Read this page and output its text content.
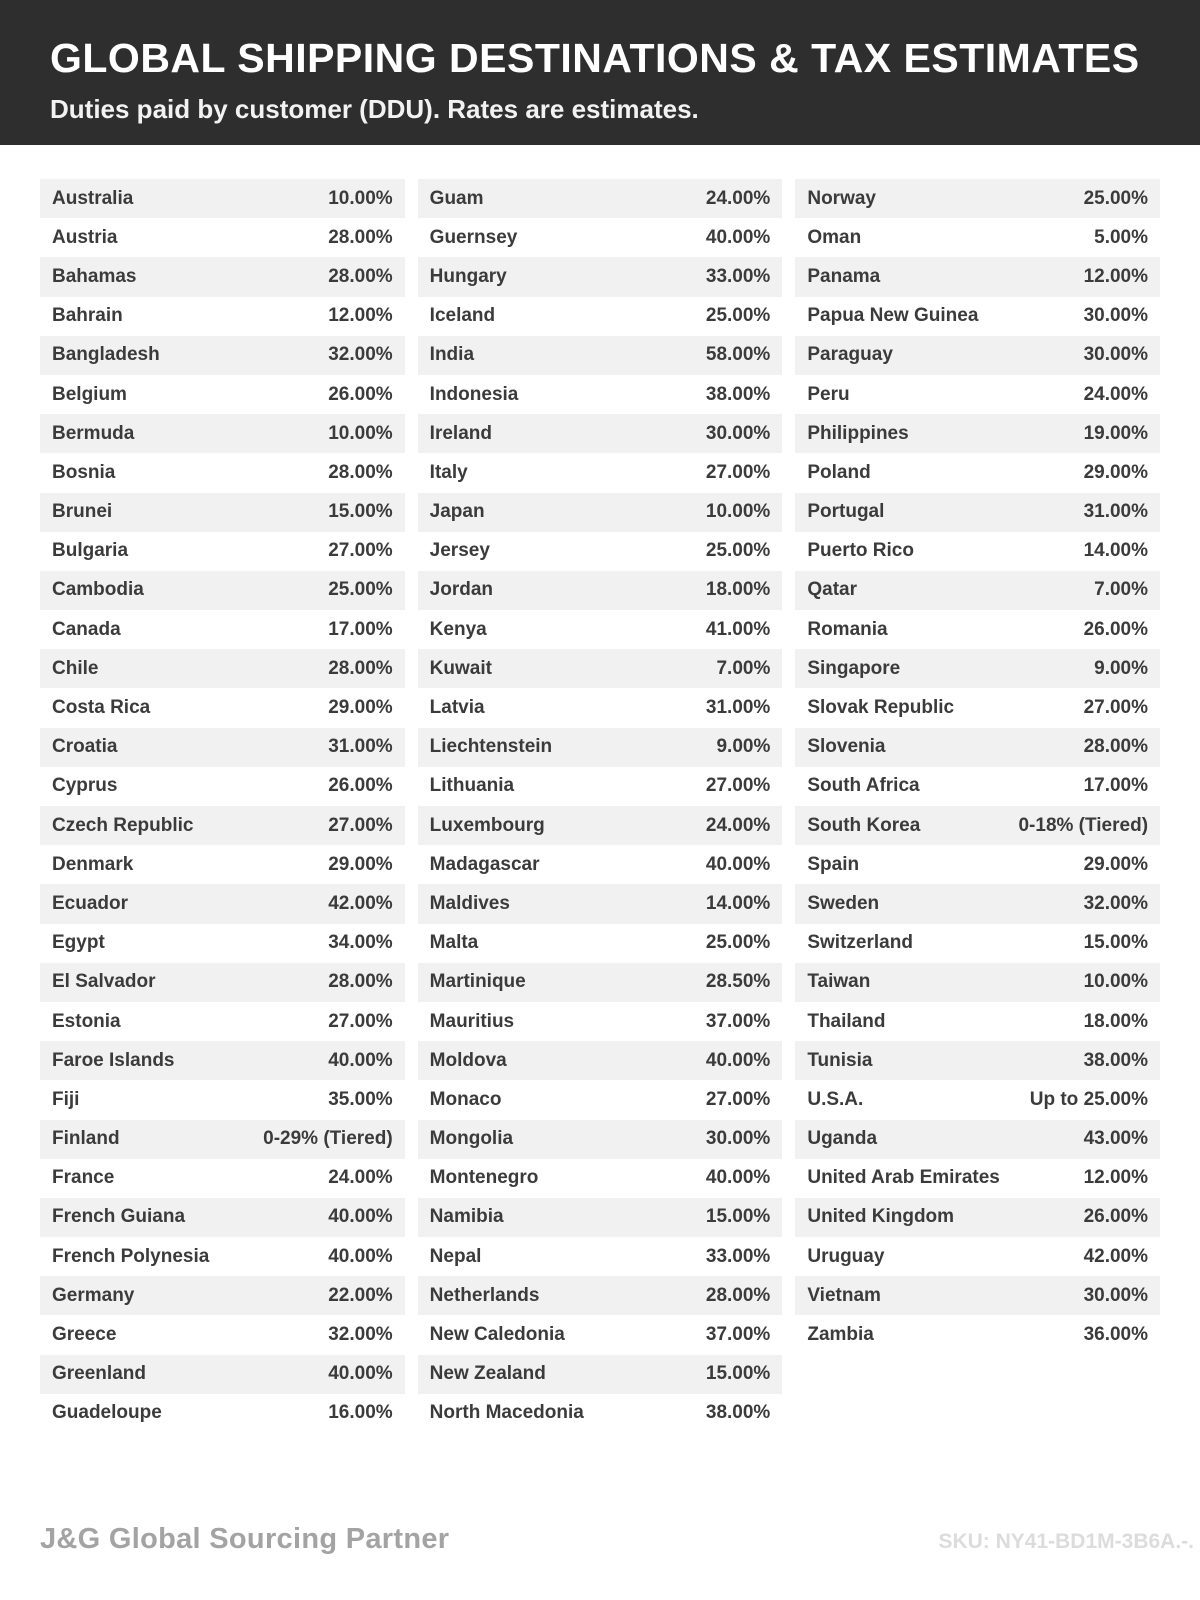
GLOBAL SHIPPING DESTINATIONS & TAX ESTIMATES
Duties paid by customer (DDU). Rates are estimates.
Australia	10.00%
Austria	28.00%
Bahamas	28.00%
Bahrain	12.00%
Bangladesh	32.00%
Belgium	26.00%
Bermuda	10.00%
Bosnia	28.00%
Brunei	15.00%
Bulgaria	27.00%
Cambodia	25.00%
Canada	17.00%
Chile	28.00%
Costa Rica	29.00%
Croatia	31.00%
Cyprus	26.00%
Czech Republic	27.00%
Denmark	29.00%
Ecuador	42.00%
Egypt	34.00%
El Salvador	28.00%
Estonia	27.00%
Faroe Islands	40.00%
Fiji	35.00%
Finland	0-29% (Tiered)
France	24.00%
French Guiana	40.00%
French Polynesia	40.00%
Germany	22.00%
Greece	32.00%
Greenland	40.00%
Guadeloupe	16.00%
Guam	24.00%
Guernsey	40.00%
Hungary	33.00%
Iceland	25.00%
India	58.00%
Indonesia	38.00%
Ireland	30.00%
Italy	27.00%
Japan	10.00%
Jersey	25.00%
Jordan	18.00%
Kenya	41.00%
Kuwait	7.00%
Latvia	31.00%
Liechtenstein	9.00%
Lithuania	27.00%
Luxembourg	24.00%
Madagascar	40.00%
Maldives	14.00%
Malta	25.00%
Martinique	28.50%
Mauritius	37.00%
Moldova	40.00%
Monaco	27.00%
Mongolia	30.00%
Montenegro	40.00%
Namibia	15.00%
Nepal	33.00%
Netherlands	28.00%
New Caledonia	37.00%
New Zealand	15.00%
North Macedonia	38.00%
Norway	25.00%
Oman	5.00%
Panama	12.00%
Papua New Guinea	30.00%
Paraguay	30.00%
Peru	24.00%
Philippines	19.00%
Poland	29.00%
Portugal	31.00%
Puerto Rico	14.00%
Qatar	7.00%
Romania	26.00%
Singapore	9.00%
Slovak Republic	27.00%
Slovenia	28.00%
South Africa	17.00%
South Korea	0-18% (Tiered)
Spain	29.00%
Sweden	32.00%
Switzerland	15.00%
Taiwan	10.00%
Thailand	18.00%
Tunisia	38.00%
U.S.A.	Up to 25.00%
Uganda	43.00%
United Arab Emirates	12.00%
United Kingdom	26.00%
Uruguay	42.00%
Vietnam	30.00%
Zambia	36.00%
J&G Global Sourcing Partner	SKU: NY41-BD1M-3B6A.-.
